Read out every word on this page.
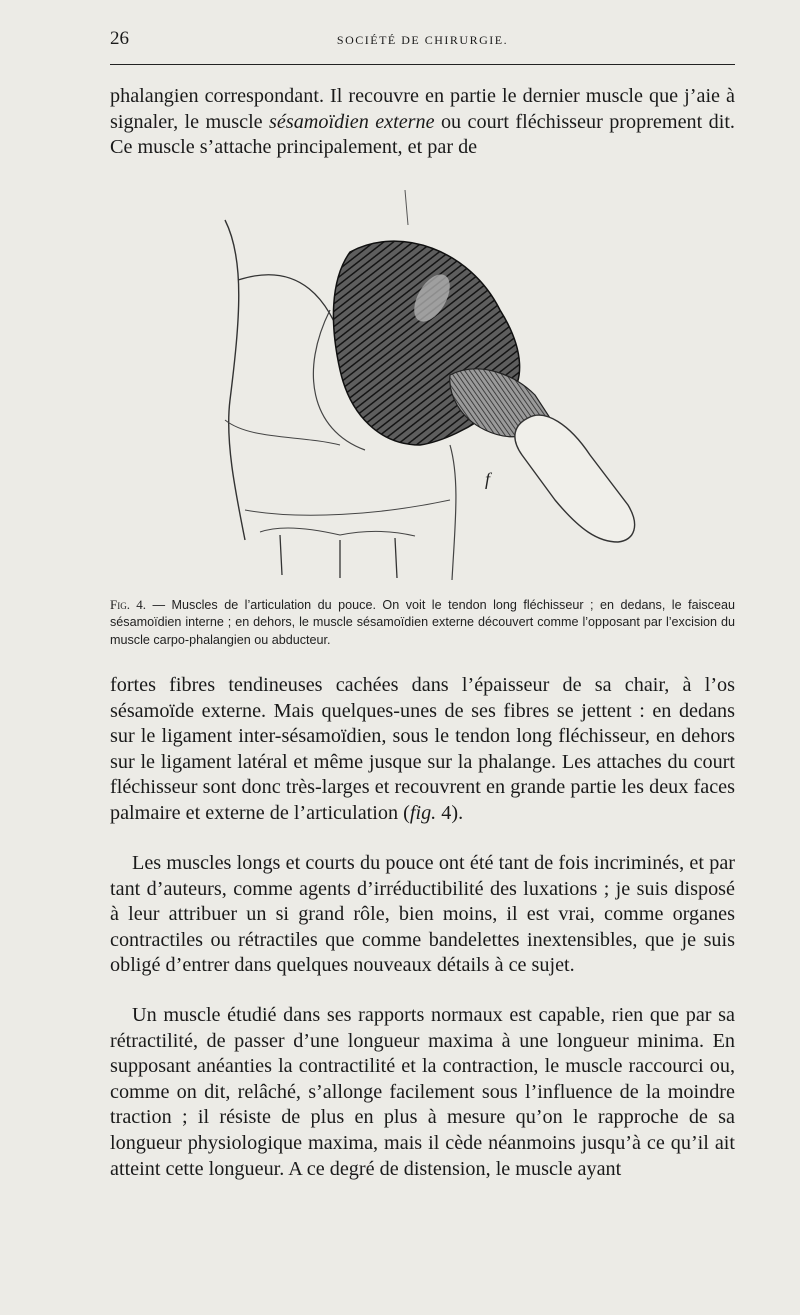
26	SOCIÉTÉ DE CHIRURGIE.

phalangien correspondant. Il recouvre en partie le dernier muscle que j’aie à signaler, le muscle sésamoïdien externe ou court fléchisseur proprement dit. Ce muscle s’attache principalement, et par de

f

Fig. 4. — Muscles de l’articulation du pouce. On voit le tendon long fléchisseur ; en dedans, le faisceau sésamoïdien interne ; en dehors, le muscle sésamoïdien externe découvert comme l’opposant par l’excision du muscle carpo-phalangien ou abducteur.

fortes fibres tendineuses cachées dans l’épaisseur de sa chair, à l’os sésamoïde externe. Mais quelques-unes de ses fibres se jettent : en dedans sur le ligament inter-sésamoïdien, sous le tendon long fléchisseur, en dehors sur le ligament latéral et même jusque sur la phalange. Les attaches du court fléchisseur sont donc très-larges et recouvrent en grande partie les deux faces palmaire et externe de l’articulation (fig. 4).

Les muscles longs et courts du pouce ont été tant de fois incriminés, et par tant d’auteurs, comme agents d’irréductibilité des luxations ; je suis disposé à leur attribuer un si grand rôle, bien moins, il est vrai, comme organes contractiles ou rétractiles que comme bandelettes inextensibles, que je suis obligé d’entrer dans quelques nouveaux détails à ce sujet.

Un muscle étudié dans ses rapports normaux est capable, rien que par sa rétractilité, de passer d’une longueur maxima à une longueur minima. En supposant anéanties la contractilité et la contraction, le muscle raccourci ou, comme on dit, relâché, s’allonge facilement sous l’influence de la moindre traction ; il résiste de plus en plus à mesure qu’on le rapproche de sa longueur physiologique maxima, mais il cède néanmoins jusqu’à ce qu’il ait atteint cette longueur. A ce degré de distension, le muscle ayant
